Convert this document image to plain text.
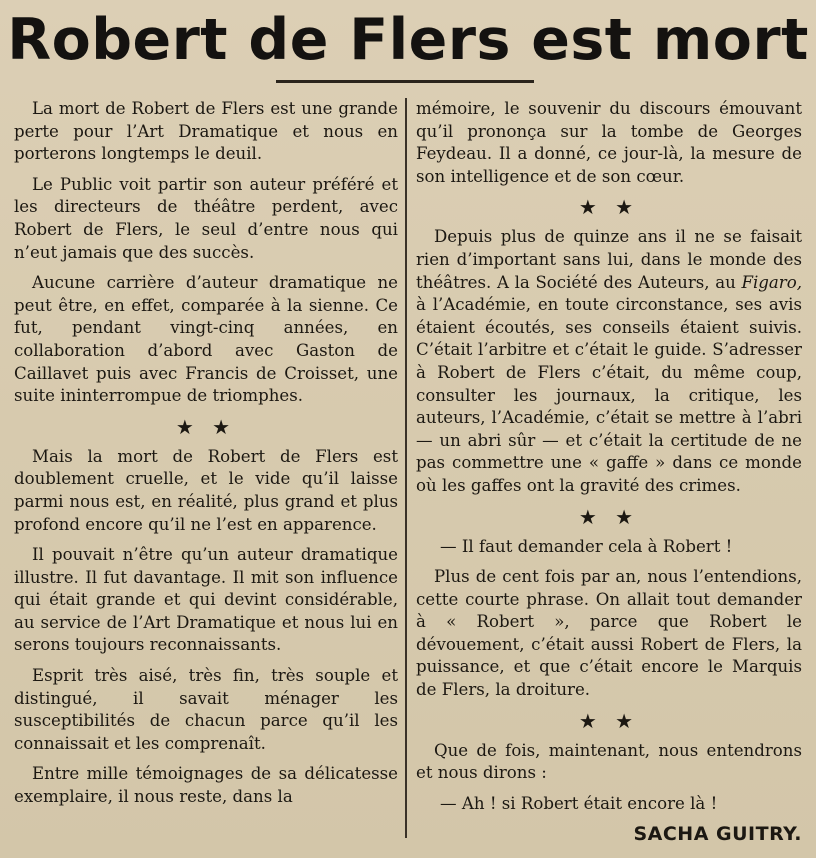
Robert de Flers est mort

La mort de Robert de Flers est une grande perte pour l’Art Dramatique et nous en porterons longtemps le deuil.

Le Public voit partir son auteur préféré et les directeurs de théâtre perdent, avec Robert de Flers, le seul d’entre nous qui n’eut jamais que des succès.

Aucune carrière d’auteur dramatique ne peut être, en effet, comparée à la sienne. Ce fut, pendant vingt-cinq années, en collaboration d’abord avec Gaston de Caillavet puis avec Francis de Croisset, une suite ininterrompue de triomphes.

★ ★

Mais la mort de Robert de Flers est doublement cruelle, et le vide qu’il laisse parmi nous est, en réalité, plus grand et plus profond encore qu’il ne l’est en apparence.

Il pouvait n’être qu’un auteur dramatique illustre. Il fut davantage. Il mit son influence qui était grande et qui devint considérable, au service de l’Art Dramatique et nous lui en serons toujours reconnaissants.

Esprit très aisé, très fin, très souple et distingué, il savait ménager les susceptibilités de chacun parce qu’il les connaissait et les comprenaît.

Entre mille témoignages de sa délicatesse exemplaire, il nous reste, dans la

mémoire, le souvenir du discours émouvant qu’il prononça sur la tombe de Georges Feydeau. Il a donné, ce jour-là, la mesure de son intelligence et de son cœur.

★ ★

Depuis plus de quinze ans il ne se faisait rien d’important sans lui, dans le monde des théâtres. A la Société des Auteurs, au Figaro, à l’Académie, en toute circonstance, ses avis étaient écoutés, ses conseils étaient suivis. C’était l’arbitre et c’était le guide. S’adresser à Robert de Flers c’était, du même coup, consulter les journaux, la critique, les auteurs, l’Académie, c’était se mettre à l’abri — un abri sûr — et c’était la certitude de ne pas commettre une « gaffe » dans ce monde où les gaffes ont la gravité des crimes.

★ ★

— Il faut demander cela à Robert !

Plus de cent fois par an, nous l’entendions, cette courte phrase. On allait tout demander à « Robert », parce que Robert le dévouement, c’était aussi Robert de Flers, la puissance, et que c’était encore le Marquis de Flers, la droiture.

★ ★

Que de fois, maintenant, nous entendrons et nous dirons :

— Ah ! si Robert était encore là !

SACHA GUITRY.
